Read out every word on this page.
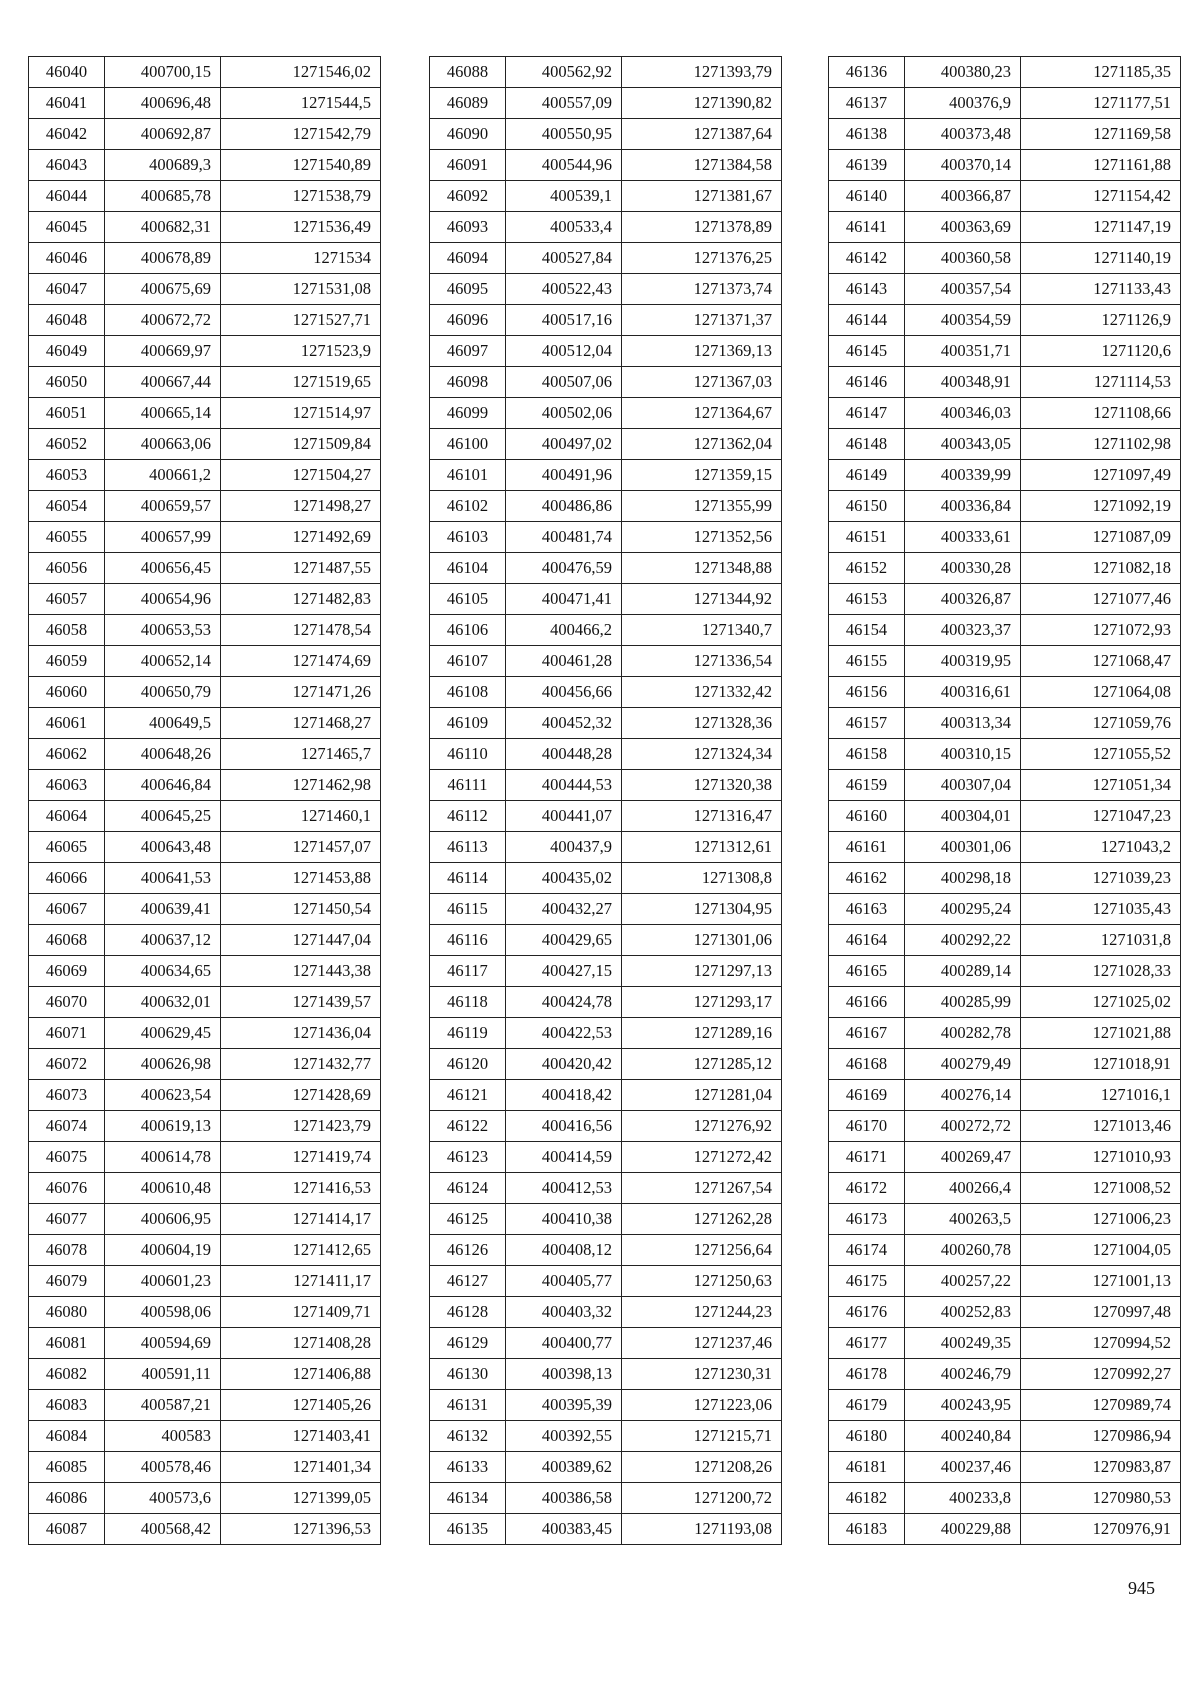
46040	400700,15	1271546,02
46041	400696,48	1271544,5
46042	400692,87	1271542,79
46043	400689,3	1271540,89
46044	400685,78	1271538,79
46045	400682,31	1271536,49
46046	400678,89	1271534
46047	400675,69	1271531,08
46048	400672,72	1271527,71
46049	400669,97	1271523,9
46050	400667,44	1271519,65
46051	400665,14	1271514,97
46052	400663,06	1271509,84
46053	400661,2	1271504,27
46054	400659,57	1271498,27
46055	400657,99	1271492,69
46056	400656,45	1271487,55
46057	400654,96	1271482,83
46058	400653,53	1271478,54
46059	400652,14	1271474,69
46060	400650,79	1271471,26
46061	400649,5	1271468,27
46062	400648,26	1271465,7
46063	400646,84	1271462,98
46064	400645,25	1271460,1
46065	400643,48	1271457,07
46066	400641,53	1271453,88
46067	400639,41	1271450,54
46068	400637,12	1271447,04
46069	400634,65	1271443,38
46070	400632,01	1271439,57
46071	400629,45	1271436,04
46072	400626,98	1271432,77
46073	400623,54	1271428,69
46074	400619,13	1271423,79
46075	400614,78	1271419,74
46076	400610,48	1271416,53
46077	400606,95	1271414,17
46078	400604,19	1271412,65
46079	400601,23	1271411,17
46080	400598,06	1271409,71
46081	400594,69	1271408,28
46082	400591,11	1271406,88
46083	400587,21	1271405,26
46084	400583	1271403,41
46085	400578,46	1271401,34
46086	400573,6	1271399,05
46087	400568,42	1271396,53
46088	400562,92	1271393,79
46089	400557,09	1271390,82
46090	400550,95	1271387,64
46091	400544,96	1271384,58
46092	400539,1	1271381,67
46093	400533,4	1271378,89
46094	400527,84	1271376,25
46095	400522,43	1271373,74
46096	400517,16	1271371,37
46097	400512,04	1271369,13
46098	400507,06	1271367,03
46099	400502,06	1271364,67
46100	400497,02	1271362,04
46101	400491,96	1271359,15
46102	400486,86	1271355,99
46103	400481,74	1271352,56
46104	400476,59	1271348,88
46105	400471,41	1271344,92
46106	400466,2	1271340,7
46107	400461,28	1271336,54
46108	400456,66	1271332,42
46109	400452,32	1271328,36
46110	400448,28	1271324,34
46111	400444,53	1271320,38
46112	400441,07	1271316,47
46113	400437,9	1271312,61
46114	400435,02	1271308,8
46115	400432,27	1271304,95
46116	400429,65	1271301,06
46117	400427,15	1271297,13
46118	400424,78	1271293,17
46119	400422,53	1271289,16
46120	400420,42	1271285,12
46121	400418,42	1271281,04
46122	400416,56	1271276,92
46123	400414,59	1271272,42
46124	400412,53	1271267,54
46125	400410,38	1271262,28
46126	400408,12	1271256,64
46127	400405,77	1271250,63
46128	400403,32	1271244,23
46129	400400,77	1271237,46
46130	400398,13	1271230,31
46131	400395,39	1271223,06
46132	400392,55	1271215,71
46133	400389,62	1271208,26
46134	400386,58	1271200,72
46135	400383,45	1271193,08
46136	400380,23	1271185,35
46137	400376,9	1271177,51
46138	400373,48	1271169,58
46139	400370,14	1271161,88
46140	400366,87	1271154,42
46141	400363,69	1271147,19
46142	400360,58	1271140,19
46143	400357,54	1271133,43
46144	400354,59	1271126,9
46145	400351,71	1271120,6
46146	400348,91	1271114,53
46147	400346,03	1271108,66
46148	400343,05	1271102,98
46149	400339,99	1271097,49
46150	400336,84	1271092,19
46151	400333,61	1271087,09
46152	400330,28	1271082,18
46153	400326,87	1271077,46
46154	400323,37	1271072,93
46155	400319,95	1271068,47
46156	400316,61	1271064,08
46157	400313,34	1271059,76
46158	400310,15	1271055,52
46159	400307,04	1271051,34
46160	400304,01	1271047,23
46161	400301,06	1271043,2
46162	400298,18	1271039,23
46163	400295,24	1271035,43
46164	400292,22	1271031,8
46165	400289,14	1271028,33
46166	400285,99	1271025,02
46167	400282,78	1271021,88
46168	400279,49	1271018,91
46169	400276,14	1271016,1
46170	400272,72	1271013,46
46171	400269,47	1271010,93
46172	400266,4	1271008,52
46173	400263,5	1271006,23
46174	400260,78	1271004,05
46175	400257,22	1271001,13
46176	400252,83	1270997,48
46177	400249,35	1270994,52
46178	400246,79	1270992,27
46179	400243,95	1270989,74
46180	400240,84	1270986,94
46181	400237,46	1270983,87
46182	400233,8	1270980,53
46183	400229,88	1270976,91
945
